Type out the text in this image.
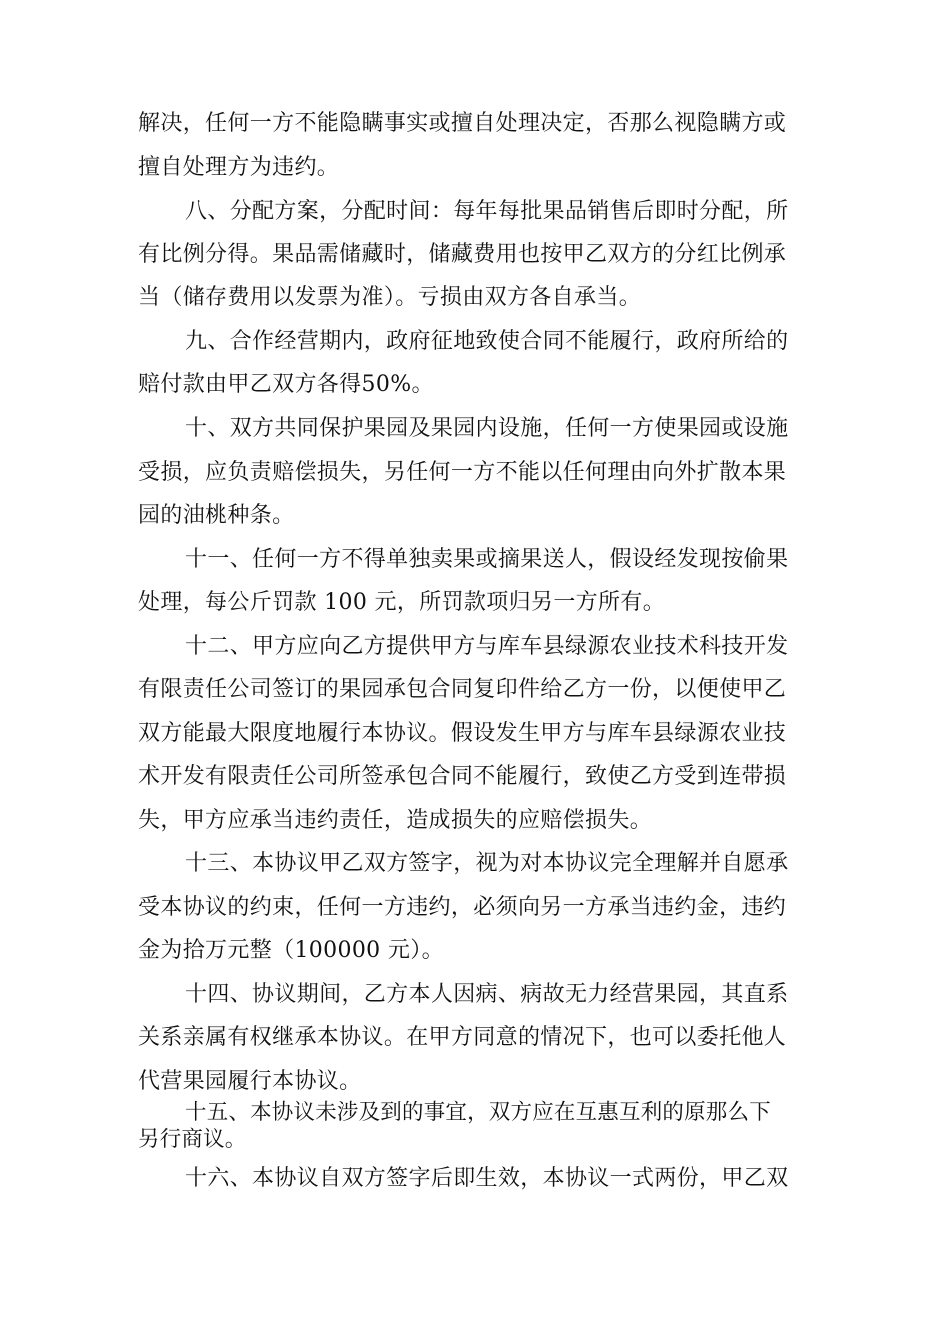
解决，任何一方不能隐瞒事实或擅自处理决定，否那么视隐瞒方或
擅自处理方为违约。
八、分配方案，分配时间：每年每批果品销售后即时分配，所
有比例分得。果品需储藏时，储藏费用也按甲乙双方的分红比例承
当（储存费用以发票为准）。亏损由双方各自承当。
九、合作经营期内，政府征地致使合同不能履行，政府所给的
赔付款由甲乙双方各得50%。
十、双方共同保护果园及果园内设施，任何一方使果园或设施
受损，应负责赔偿损失，另任何一方不能以任何理由向外扩散本果
园的油桃种条。
十一、任何一方不得单独卖果或摘果送人，假设经发现按偷果
处理，每公斤罚款 100 元，所罚款项归另一方所有。
十二、甲方应向乙方提供甲方与库车县绿源农业技术科技开发
有限责任公司签订的果园承包合同复印件给乙方一份，以便使甲乙
双方能最大限度地履行本协议。假设发生甲方与库车县绿源农业技
术开发有限责任公司所签承包合同不能履行，致使乙方受到连带损
失，甲方应承当违约责任，造成损失的应赔偿损失。
十三、本协议甲乙双方签字，视为对本协议完全理解并自愿承
受本协议的约束，任何一方违约，必须向另一方承当违约金，违约
金为拾万元整（100000 元）。
十四、协议期间，乙方本人因病、病故无力经营果园，其直系
关系亲属有权继承本协议。在甲方同意的情况下，也可以委托他人
代营果园履行本协议。
十五、本协议未涉及到的事宜，双方应在互惠互利的原那么下
另行商议。
十六、本协议自双方签字后即生效，本协议一式两份，甲乙双
